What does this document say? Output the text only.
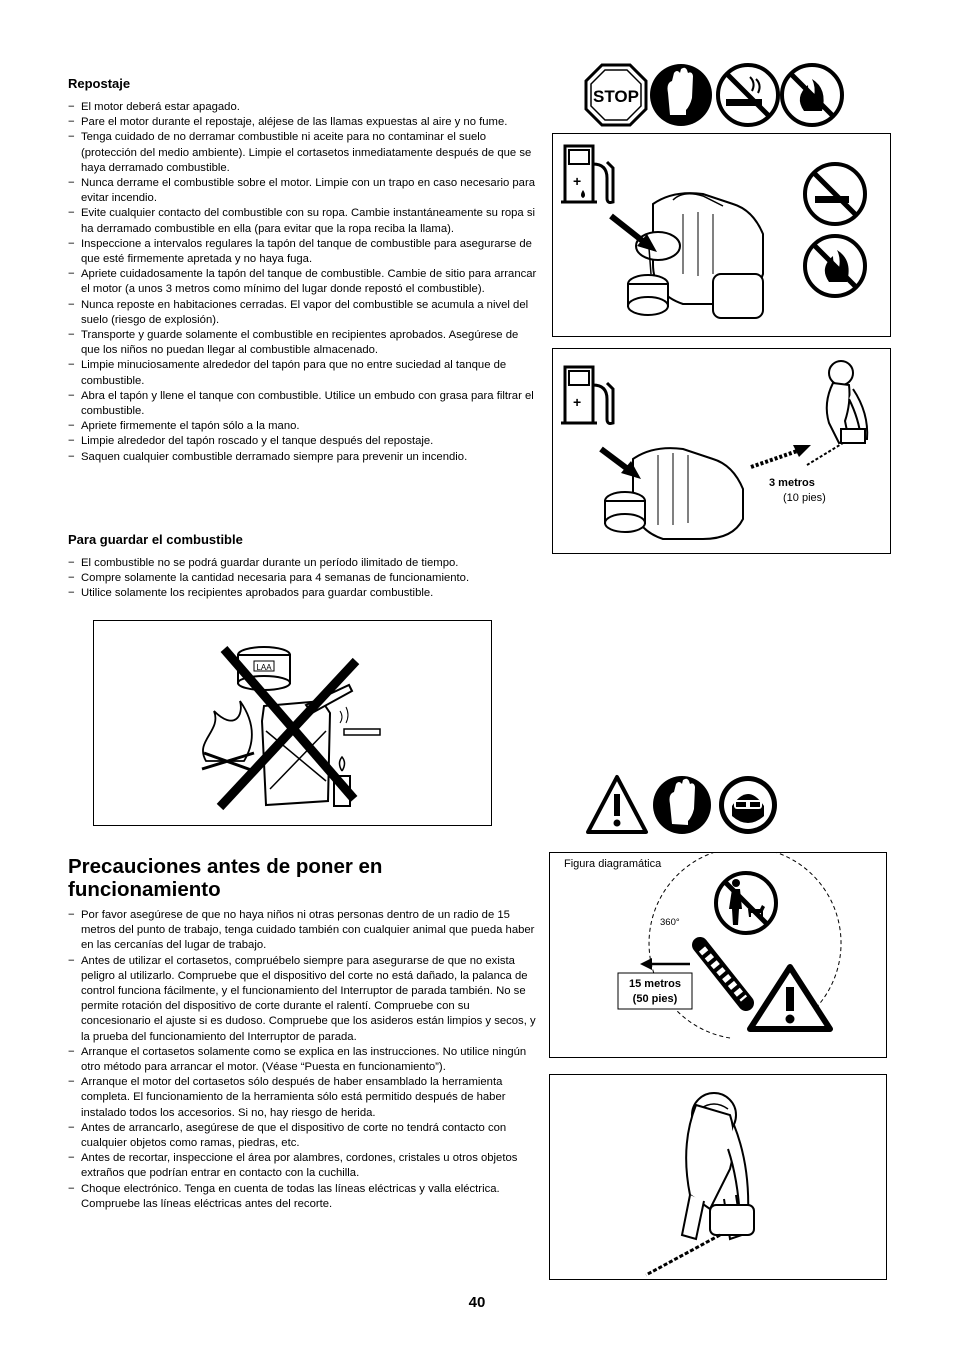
Repostaje
− El motor deberá estar apagado.
− Pare el motor durante el repostaje, aléjese de las llamas expuestas al aire y no fume.
− Tenga cuidado de no derramar combustible ni aceite para no contaminar el suelo (protección del medio ambiente). Limpie el cortasetos inmediatamente después de que se haya derramado combustible.
− Nunca derrame el combustible sobre el motor. Limpie con un trapo en caso necesario para evitar incendio.
− Evite cualquier contacto del combustible con su ropa. Cambie instantáneamente su ropa si ha derramado combustible en ella (para evitar que la ropa reciba la llama).
− Inspeccione a intervalos regulares la tapón del tanque de combustible para asegurarse de que esté firmemente apretada y no haya fuga.
− Apriete cuidadosamente la tapón del tanque de combustible. Cambie de sitio para arrancar el motor (a unos 3 metros como mínimo del lugar donde repostó el combustible).
− Nunca reposte en habitaciones cerradas. El vapor del combustible se acumula a nivel del suelo (riesgo de explosión).
− Transporte y guarde solamente el combustible en recipientes aprobados. Asegúrese de que los niños no puedan llegar al combustible almacenado.
− Limpie minuciosamente alrededor del tapón para que no entre suciedad al tanque de combustible.
− Abra el tapón y llene el tanque con combustible. Utilice un embudo con grasa para filtrar el combustible.
− Apriete firmemente el tapón sólo a la mano.
− Limpie alrededor del tapón roscado y el tanque después del repostaje.
− Saquen cualquier combustible derramado siempre para prevenir un incendio.
Para guardar el combustible
− El combustible no se podrá guardar durante un período ilimitado de tiempo.
− Compre solamente la cantidad necesaria para 4 semanas de funcionamiento.
− Utilice solamente los recipientes aprobados para guardar combustible.
LAA
Precauciones antes de poner en funcionamiento
− Por favor asegúrese de que no haya niños ni otras personas dentro de un radio de 15 metros del punto de trabajo, tenga cuidado también con cualquier animal que pueda haber en las cercanías del lugar de trabajo.
− Antes de utilizar el cortasetos, compruébelo siempre para asegurarse de que no exista peligro al utilizarlo. Compruebe que el dispositivo del corte no está dañado, la palanca de control funciona fácilmente, y el funcionamiento del Interruptor de parada también. No se permite rotación del dispositivo de corte durante el ralentí. Compruebe con su concesionario el ajuste si es dudoso. Compruebe que los asideros están limpios y secos, y la prueba del funcionamiento del Interruptor de parada.
− Arranque el cortasetos solamente como se explica en las instrucciones. No utilice ningún otro método para arrancar el motor. (Véase “Puesta en funcionamiento”).
− Arranque el motor del cortasetos sólo después de haber ensamblado la herramienta completa. El funcionamiento de la herramienta sólo está permitido después de haber instalado todos los accesorios. Si no, hay riesgo de herida.
− Antes de arrancarlo, asegúrese de que el dispositivo de corte no tendrá contacto con cualquier objetos como ramas, piedras, etc.
− Antes de recortar, inspeccione el área por alambres, cordones, cristales u otros objetos extraños que podrían entrar en contacto con la cuchilla.
− Choque electrónico. Tenga en cuenta de todas las líneas eléctricas y valla eléctrica. Compruebe las líneas eléctricas antes del recorte.
STOP
+
+
3 metros
(10 pies)
Figura diagramática
360°
15 metros
(50 pies)
40
